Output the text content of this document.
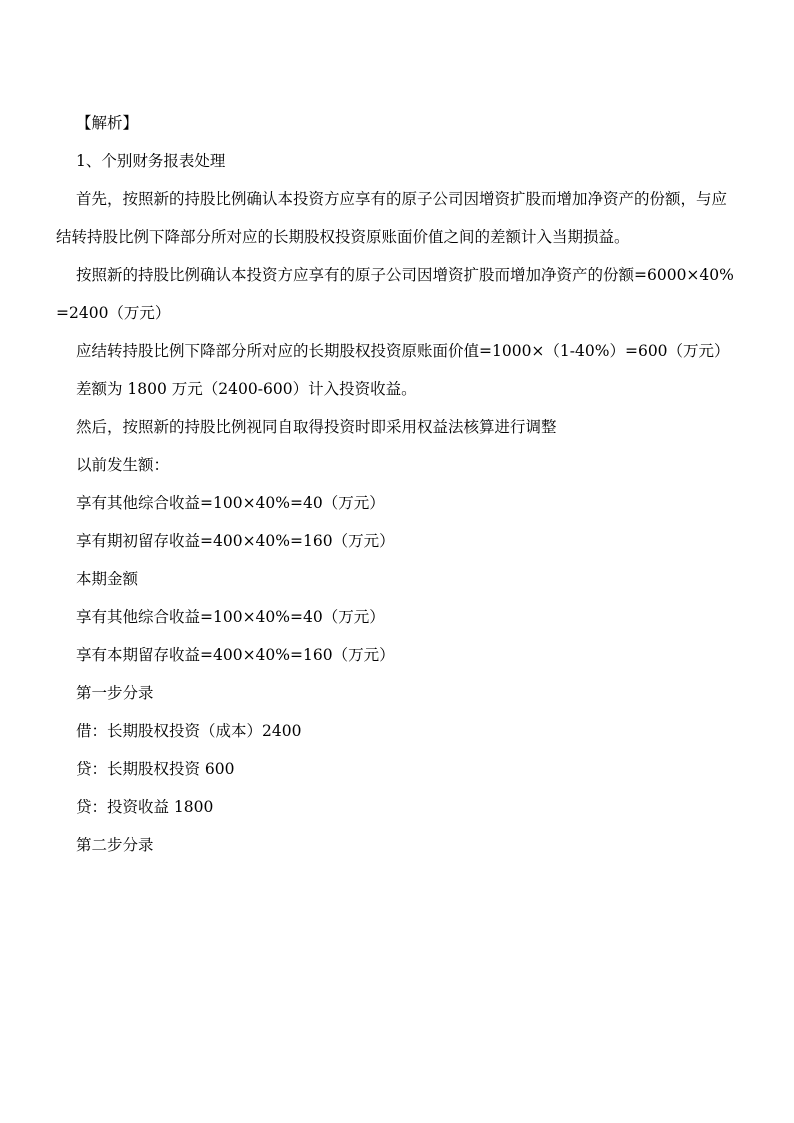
【解析】

1、个别财务报表处理

首先，按照新的持股比例确认本投资方应享有的原子公司因增资扩股而增加净资产的份额，与应结转持股比例下降部分所对应的长期股权投资原账面价值之间的差额计入当期损益。

按照新的持股比例确认本投资方应享有的原子公司因增资扩股而增加净资产的份额=6000×40%=2400（万元）

应结转持股比例下降部分所对应的长期股权投资原账面价值=1000×（1-40%）=600（万元）

差额为 1800 万元（2400-600）计入投资收益。

然后，按照新的持股比例视同自取得投资时即采用权益法核算进行调整

以前发生额：

享有其他综合收益=100×40%=40（万元）

享有期初留存收益=400×40%=160（万元）

本期金额

享有其他综合收益=100×40%=40（万元）

享有本期留存收益=400×40%=160（万元）

第一步分录

借：长期股权投资（成本）2400

贷：长期股权投资 600

贷：投资收益 1800

第二步分录
